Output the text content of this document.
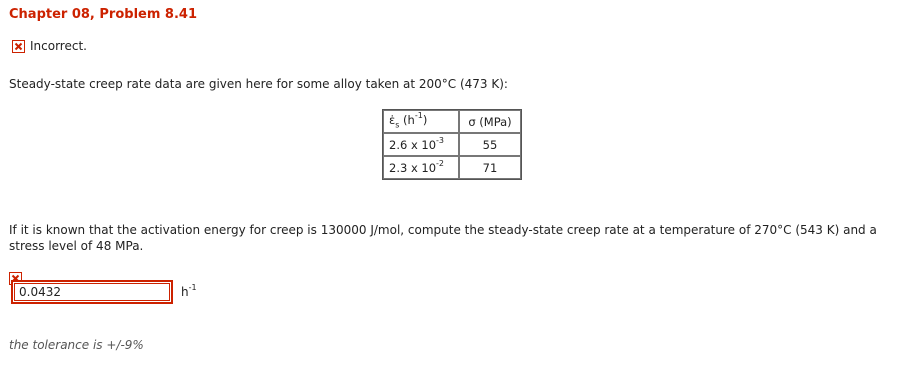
Chapter 08, Problem 8.41
Incorrect.
Steady-state creep rate data are given here for some alloy taken at 200°C (473 K):
$\varepsiloṅ_s$ $(h^{-1})$	σ (MPa)
2.6 x $10^{-3}$	55
2.3 x $10^{-2}$	71
If it is known that the activation energy for creep is 130000 J/mol, compute the steady-state creep rate at a temperature of 270°C (543 K) and a stress level of 48 MPa.
0.0432	$h^{-1}$
the tolerance is +/-9%
